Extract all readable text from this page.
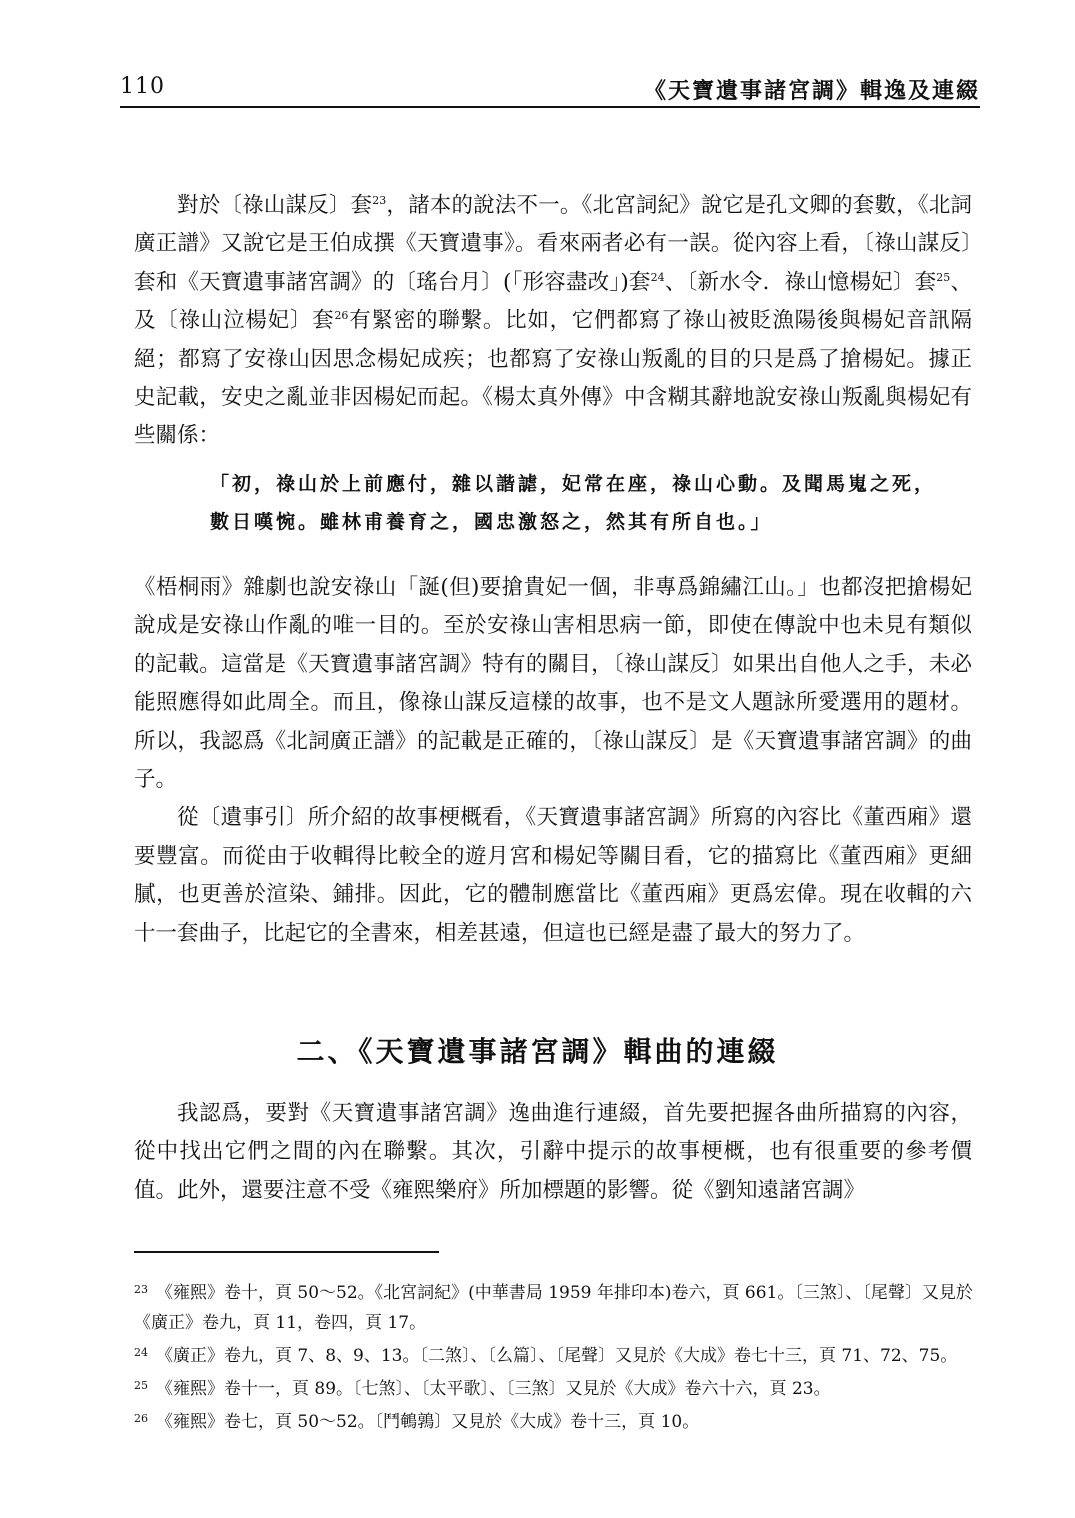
110	《天寶遺事諸宮調》輯逸及連綴

對於〔祿山謀反〕套$^{23}$，諸本的說法不一。《北宮詞紀》說它是孔文卿的套數，《北詞廣正譜》又說它是王伯成撰《天寶遺事》。看來兩者必有一誤。從內容上看，〔祿山謀反〕套和《天寶遺事諸宮調》的〔瑤台月〕(「形容盡改」)套$^{24}$、〔新水令．祿山憶楊妃〕套$^{25}$、及〔祿山泣楊妃〕套$^{26}$有緊密的聯繫。比如，它們都寫了祿山被貶漁陽後與楊妃音訊隔絕；都寫了安祿山因思念楊妃成疾；也都寫了安祿山叛亂的目的只是爲了搶楊妃。據正史記載，安史之亂並非因楊妃而起。《楊太真外傳》中含糊其辭地說安祿山叛亂與楊妃有些關係：

「初，祿山於上前應付，雜以諧謔，妃常在座，祿山心動。及聞馬嵬之死，

數日嘆惋。雖林甫養育之，國忠激怒之，然其有所自也。」

《梧桐雨》雜劇也說安祿山「誕(但)要搶貴妃一個，非專爲錦繡江山。」也都沒把搶楊妃說成是安祿山作亂的唯一目的。至於安祿山害相思病一節，即使在傳說中也未見有類似的記載。這當是《天寶遺事諸宮調》特有的關目，〔祿山謀反〕如果出自他人之手，未必能照應得如此周全。而且，像祿山謀反這樣的故事，也不是文人題詠所愛選用的題材。所以，我認爲《北詞廣正譜》的記載是正確的，〔祿山謀反〕是《天寶遺事諸宮調》的曲子。

從〔遺事引〕所介紹的故事梗概看，《天寶遺事諸宮調》所寫的內容比《董西廂》還要豐富。而從由于收輯得比較全的遊月宮和楊妃等關目看，它的描寫比《董西廂》更細膩，也更善於渲染、鋪排。因此，它的體制應當比《董西廂》更爲宏偉。現在收輯的六十一套曲子，比起它的全書來，相差甚遠，但這也已經是盡了最大的努力了。

二、《天寶遺事諸宮調》輯曲的連綴

我認爲，要對《天寶遺事諸宮調》逸曲進行連綴，首先要把握各曲所描寫的內容，從中找出它們之間的內在聯繫。其次，引辭中提示的故事梗概，也有很重要的參考價值。此外，還要注意不受《雍熙樂府》所加標題的影響。從《劉知遠諸宮調》

$^{23}$ 《雍熙》卷十，頁 50～52。《北宮詞紀》(中華書局 1959 年排印本)卷六，頁 661。〔三煞〕、〔尾聲〕又見於《廣正》卷九，頁 11，卷四，頁 17。

$^{24}$ 《廣正》卷九，頁 7、8、9、13。〔二煞〕、〔么篇〕、〔尾聲〕又見於《大成》卷七十三，頁 71、72、75。

$^{25}$ 《雍熙》卷十一，頁 89。〔七煞〕、〔太平歌〕、〔三煞〕又見於《大成》卷六十六，頁 23。

$^{26}$ 《雍熙》卷七，頁 50～52。〔鬥鵪鶉〕又見於《大成》卷十三，頁 10。
